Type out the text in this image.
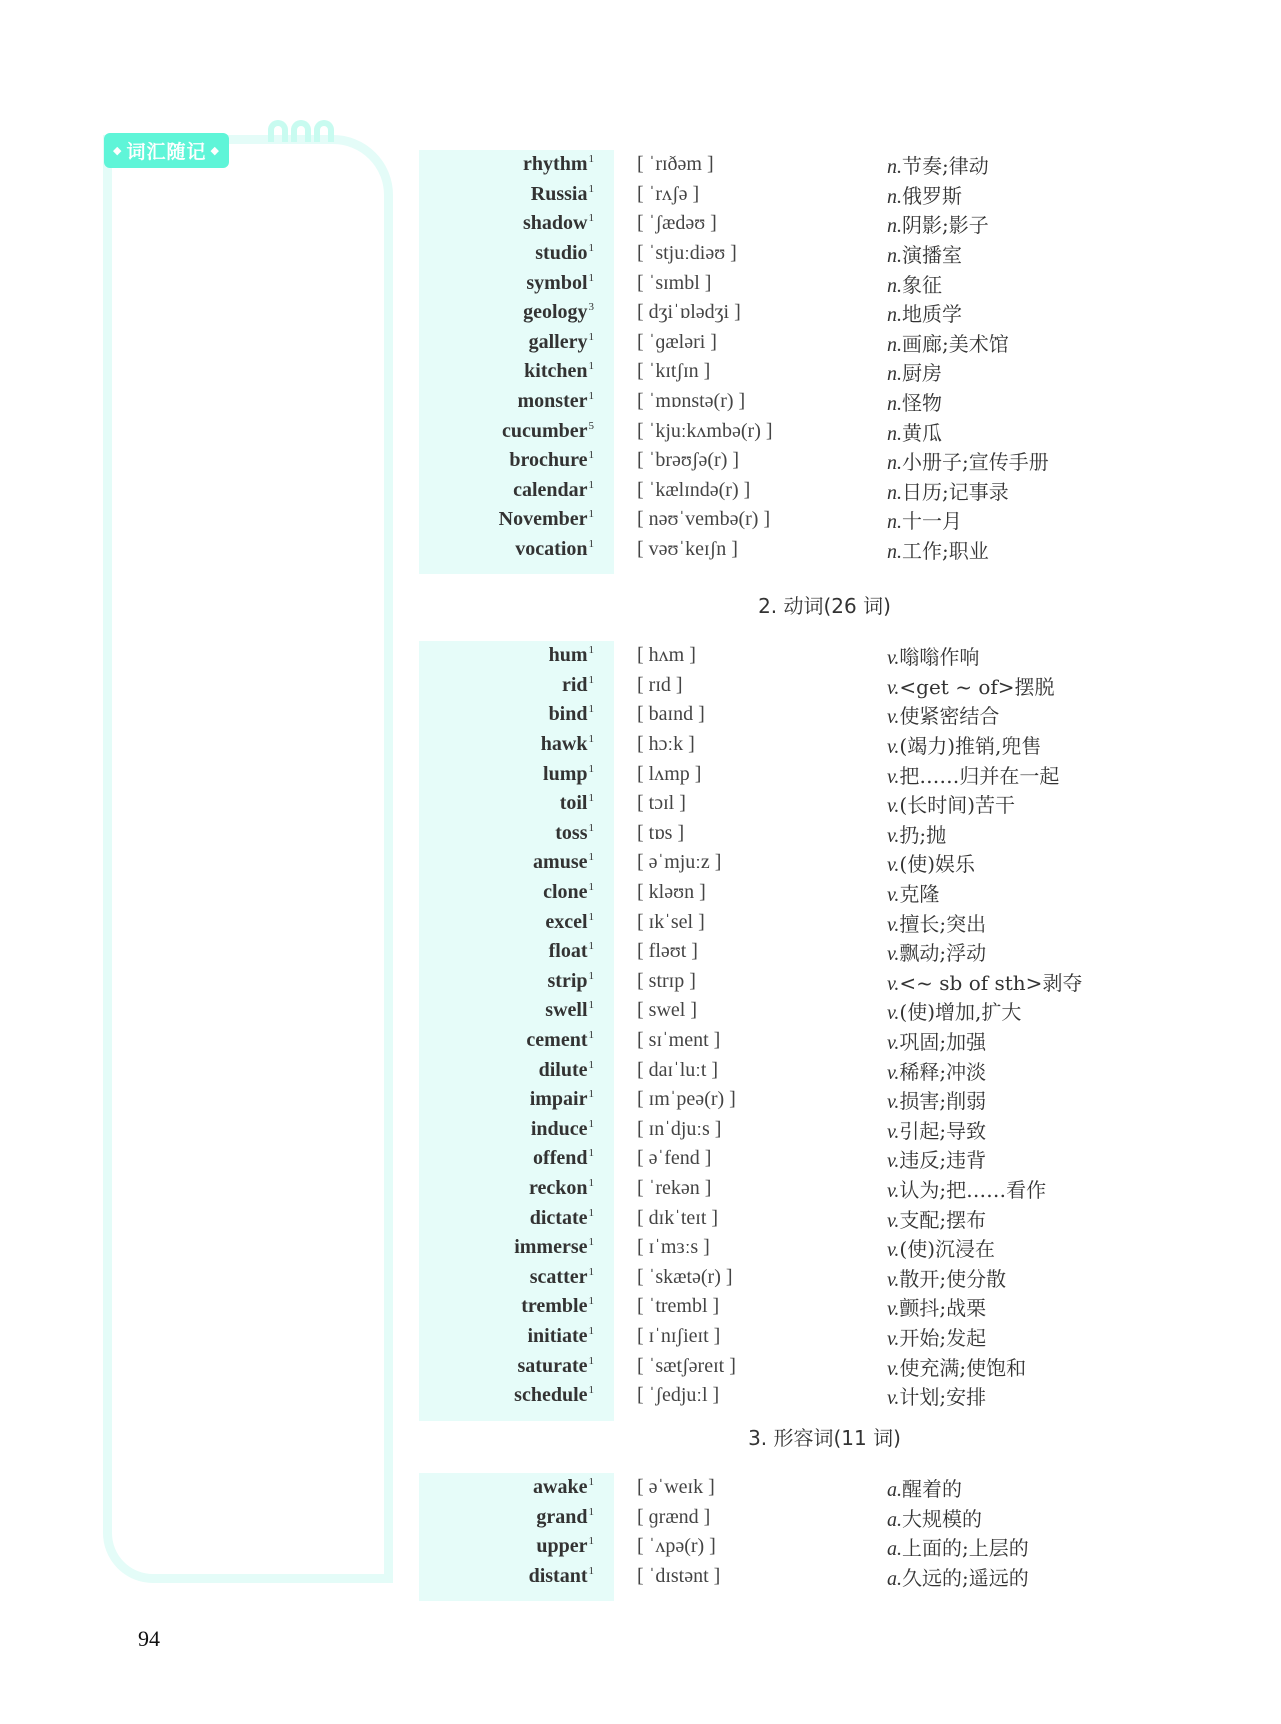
◆ 词汇随记 ◆
rhythm$^1$ [ ˈrɪðəm ]	n.节奏;律动
Russia$^1$ [ ˈrʌʃə ]	n.俄罗斯
shadow$^1$ [ ˈʃædəʊ ]	n.阴影;影子
studio$^1$ [ ˈstjuːdiəʊ ]	n.演播室
symbol$^1$ [ ˈsɪmbl ]	n.象征
geology$^3$ [ dʒiˈɒlədʒi ]	n.地质学
gallery$^1$ [ ˈɡæləri ]	n.画廊;美术馆
kitchen$^1$ [ ˈkɪtʃɪn ]	n.厨房
monster$^1$ [ ˈmɒnstə(r) ]	n.怪物
cucumber$^5$ [ ˈkjuːkʌmbə(r) ]	n.黄瓜
brochure$^1$ [ ˈbrəʊʃə(r) ]	n.小册子;宣传手册
calendar$^1$ [ ˈkælɪndə(r) ]	n.日历;记事录
November$^1$ [ nəʊˈvembə(r) ]	n.十一月
vocation$^1$ [ vəʊˈkeɪʃn ]	n.工作;职业
2. 动词(26 词)
hum$^1$ [ hʌm ]	v.嗡嗡作响
rid$^1$ [ rɪd ]	v.<get ~ of>摆脱
bind$^1$ [ baɪnd ]	v.使紧密结合
hawk$^1$ [ hɔːk ]	v.(竭力)推销,兜售
lump$^1$ [ lʌmp ]	v.把……归并在一起
toil$^1$ [ tɔɪl ]	v.(长时间)苦干
toss$^1$ [ tɒs ]	v.扔;抛
amuse$^1$ [ əˈmjuːz ]	v.(使)娱乐
clone$^1$ [ kləʊn ]	v.克隆
excel$^1$ [ ɪkˈsel ]	v.擅长;突出
float$^1$ [ fləʊt ]	v.飘动;浮动
strip$^1$ [ strɪp ]	v.<~ sb of sth>剥夺
swell$^1$ [ swel ]	v.(使)增加,扩大
cement$^1$ [ sɪˈment ]	v.巩固;加强
dilute$^1$ [ daɪˈluːt ]	v.稀释;冲淡
impair$^1$ [ ɪmˈpeə(r) ]	v.损害;削弱
induce$^1$ [ ɪnˈdjuːs ]	v.引起;导致
offend$^1$ [ əˈfend ]	v.违反;违背
reckon$^1$ [ ˈrekən ]	v.认为;把……看作
dictate$^1$ [ dɪkˈteɪt ]	v.支配;摆布
immerse$^1$ [ ɪˈmɜːs ]	v.(使)沉浸在
scatter$^1$ [ ˈskætə(r) ]	v.散开;使分散
tremble$^1$ [ ˈtrembl ]	v.颤抖;战栗
initiate$^1$ [ ɪˈnɪʃieɪt ]	v.开始;发起
saturate$^1$ [ ˈsætʃəreɪt ]	v.使充满;使饱和
schedule$^1$ [ ˈʃedjuːl ]	v.计划;安排
3. 形容词(11 词)
awake$^1$ [ əˈweɪk ]	a.醒着的
grand$^1$ [ ɡrænd ]	a.大规模的
upper$^1$ [ ˈʌpə(r) ]	a.上面的;上层的
distant$^1$ [ ˈdɪstənt ]	a.久远的;遥远的
94
